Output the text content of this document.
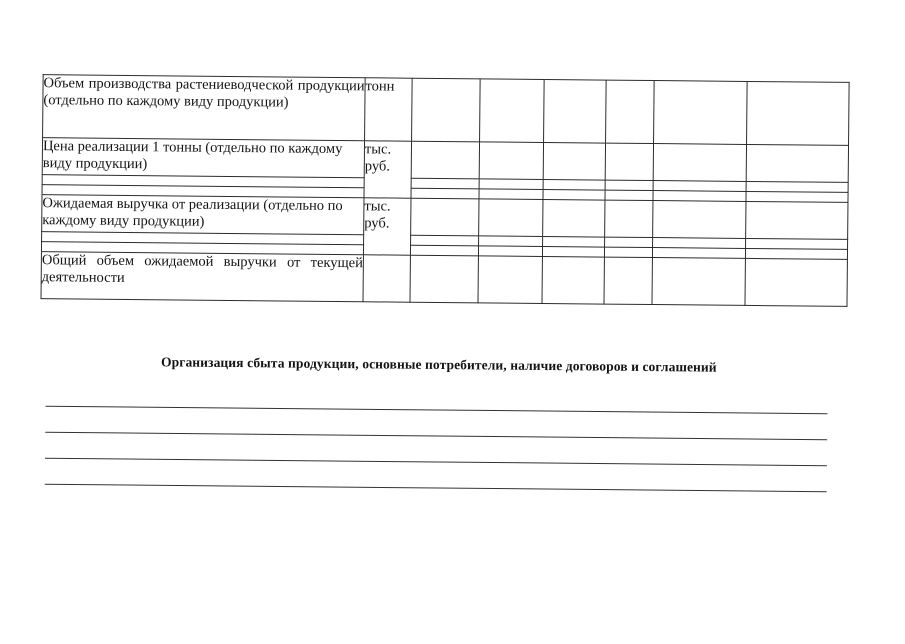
Объем производства растениеводческой продукции (отдельно по каждому виду продукции)	тонн						
Цена реализации 1 тонны (отдельно по каждому виду продукции)	тыс. руб.						

Ожидаемая выручка от реализации (отдельно по каждому виду продукции)	тыс. руб.						

Общий объем ожидаемой выручки от текущей деятельности							
Организация сбыта продукции, основные потребители, наличие договоров и соглашений
